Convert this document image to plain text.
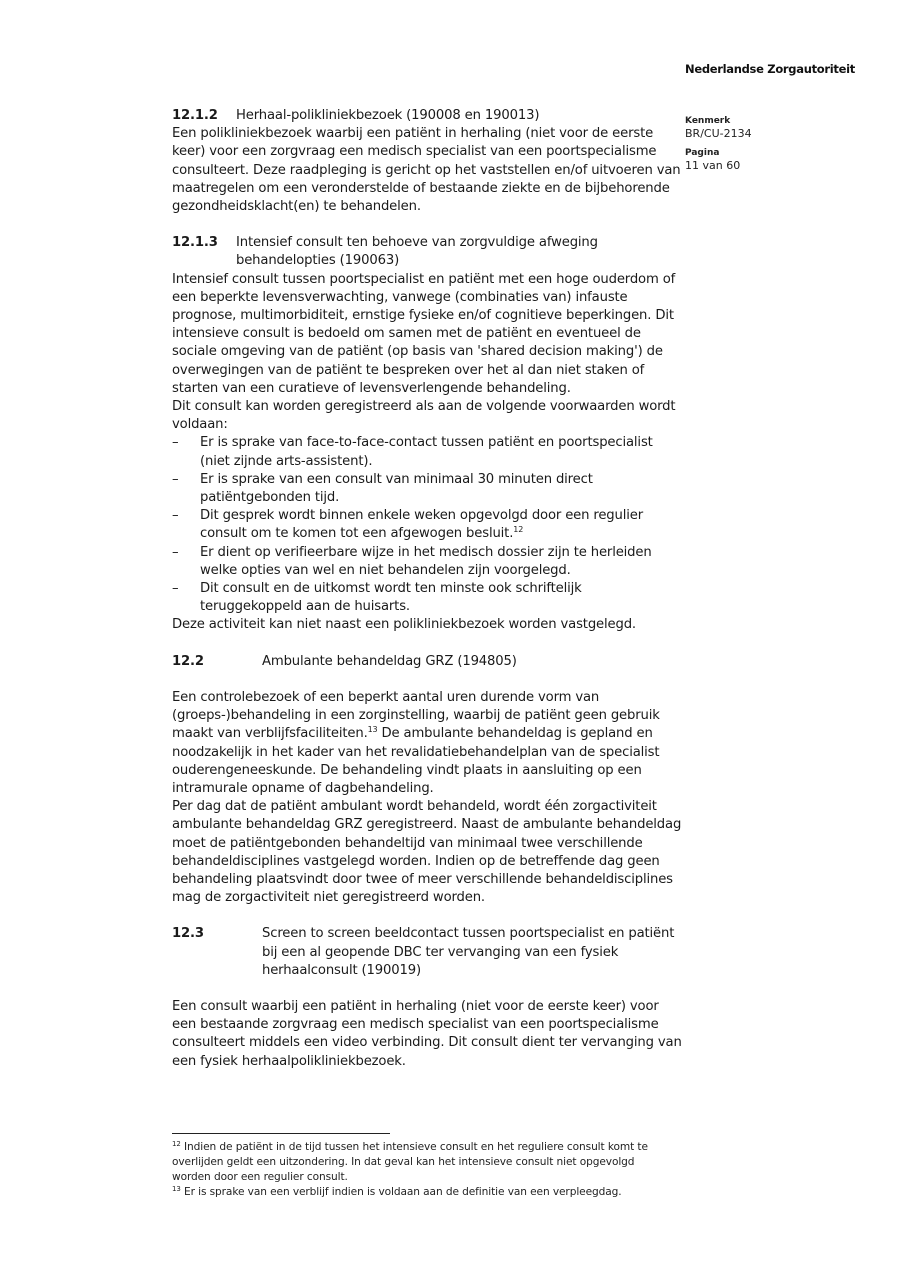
Nederlandse Zorgautoriteit
Kenmerk
BR/CU-2134
Pagina
11 van 60
12.1.2	Herhaal-polikliniekbezoek (190008 en 190013)

Een polikliniekbezoek waarbij een patiënt in herhaling (niet voor de eerste keer) voor een zorgvraag een medisch specialist van een poortspecialisme consulteert. Deze raadpleging is gericht op het vaststellen en/of uitvoeren van maatregelen om een veronderstelde of bestaande ziekte en de bijbehorende gezondheidsklacht(en) te behandelen.

12.1.3	Intensief consult ten behoeve van zorgvuldige afweging behandelopties (190063)

Intensief consult tussen poortspecialist en patiënt met een hoge ouderdom of een beperkte levensverwachting, vanwege (combinaties van) infauste prognose, multimorbiditeit, ernstige fysieke en/of cognitieve beperkingen. Dit intensieve consult is bedoeld om samen met de patiënt en eventueel de sociale omgeving van de patiënt (op basis van 'shared decision making') de overwegingen van de patiënt te bespreken over het al dan niet staken of starten van een curatieve of levensverlengende behandeling.

Dit consult kan worden geregistreerd als aan de volgende voorwaarden wordt voldaan:

– Er is sprake van face-to-face-contact tussen patiënt en poortspecialist (niet zijnde arts-assistent).
– Er is sprake van een consult van minimaal 30 minuten direct patiëntgebonden tijd.
– Dit gesprek wordt binnen enkele weken opgevolgd door een regulier consult om te komen tot een afgewogen besluit.$^{12}$
– Er dient op verifieerbare wijze in het medisch dossier zijn te herleiden welke opties van wel en niet behandelen zijn voorgelegd.
– Dit consult en de uitkomst wordt ten minste ook schriftelijk teruggekoppeld aan de huisarts.

Deze activiteit kan niet naast een polikliniekbezoek worden vastgelegd.

12.2	Ambulante behandeldag GRZ (194805)

Een controlebezoek of een beperkt aantal uren durende vorm van (groeps-)behandeling in een zorginstelling, waarbij de patiënt geen gebruik maakt van verblijfsfaciliteiten.$^{13}$ De ambulante behandeldag is gepland en noodzakelijk in het kader van het revalidatiebehandelplan van de specialist ouderengeneeskunde. De behandeling vindt plaats in aansluiting op een intramurale opname of dagbehandeling.

Per dag dat de patiënt ambulant wordt behandeld, wordt één zorgactiviteit ambulante behandeldag GRZ geregistreerd. Naast de ambulante behandeldag moet de patiëntgebonden behandeltijd van minimaal twee verschillende behandeldisciplines vastgelegd worden. Indien op de betreffende dag geen behandeling plaatsvindt door twee of meer verschillende behandeldisciplines mag de zorgactiviteit niet geregistreerd worden.

12.3	Screen to screen beeldcontact tussen poortspecialist en patiënt bij een al geopende DBC ter vervanging van een fysiek herhaalconsult (190019)

Een consult waarbij een patiënt in herhaling (niet voor de eerste keer) voor een bestaande zorgvraag een medisch specialist van een poortspecialisme consulteert middels een video verbinding. Dit consult dient ter vervanging van een fysiek herhaalpolikliniekbezoek.

$^{12}$ Indien de patiënt in de tijd tussen het intensieve consult en het reguliere consult komt te overlijden geldt een uitzondering. In dat geval kan het intensieve consult niet opgevolgd worden door een regulier consult.

$^{13}$ Er is sprake van een verblijf indien is voldaan aan de definitie van een verpleegdag.
